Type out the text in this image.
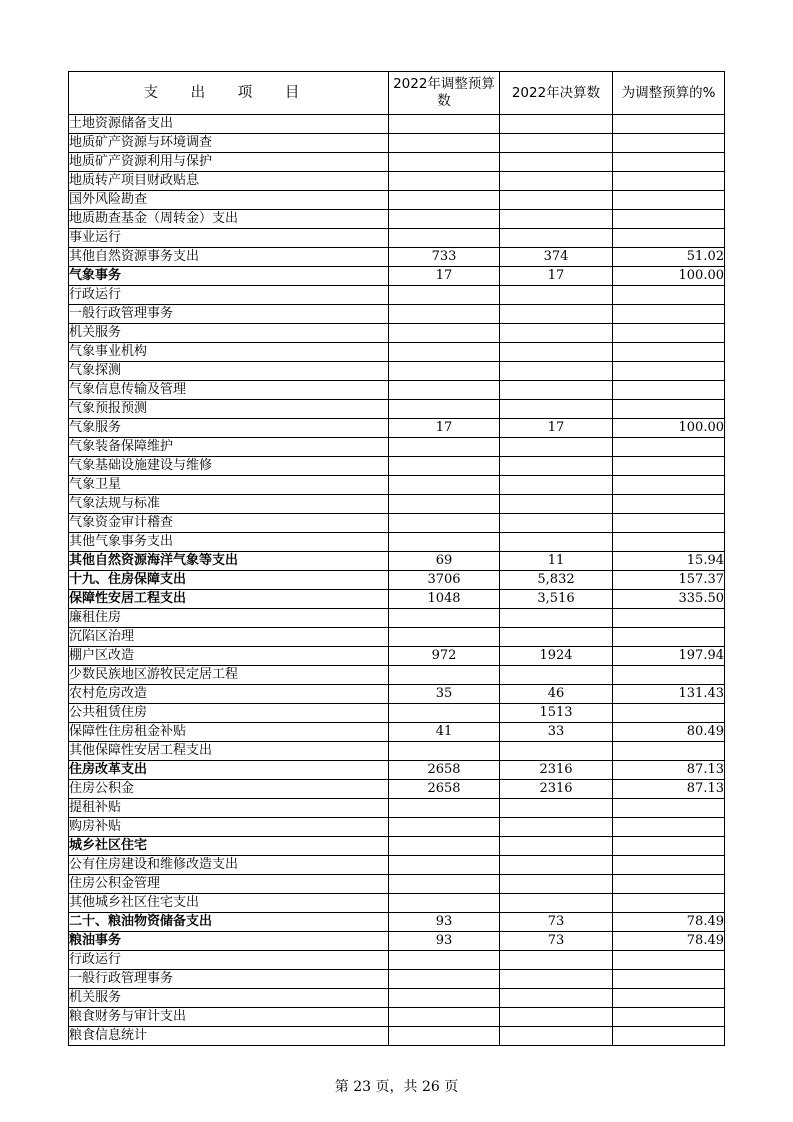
支 出 项 目	2022年调整预算数	2022年决算数	为调整预算的%
土地资源储备支出			
地质矿产资源与环境调查			
地质矿产资源利用与保护			
地质转产项目财政贴息			
国外风险勘查			
地质勘查基金（周转金）支出			
事业运行			
其他自然资源事务支出	733	374	51.02
气象事务	17	17	100.00
行政运行			
一般行政管理事务			
机关服务			
气象事业机构			
气象探测			
气象信息传输及管理			
气象预报预测			
气象服务	17	17	100.00
气象装备保障维护			
气象基础设施建设与维修			
气象卫星			
气象法规与标准			
气象资金审计稽查			
其他气象事务支出			
其他自然资源海洋气象等支出	69	11	15.94
十九、住房保障支出	3706	5,832	157.37
保障性安居工程支出	1048	3,516	335.50
廉租住房			
沉陷区治理			
棚户区改造	972	1924	197.94
少数民族地区游牧民定居工程			
农村危房改造	35	46	131.43
公共租赁住房		1513	
保障性住房租金补贴	41	33	80.49
其他保障性安居工程支出			
住房改革支出	2658	2316	87.13
住房公积金	2658	2316	87.13
提租补贴			
购房补贴			
城乡社区住宅			
公有住房建设和维修改造支出			
住房公积金管理			
其他城乡社区住宅支出			
二十、粮油物资储备支出	93	73	78.49
粮油事务	93	73	78.49
行政运行			
一般行政管理事务			
机关服务			
粮食财务与审计支出			
粮食信息统计			
第 23 页，共 26 页
